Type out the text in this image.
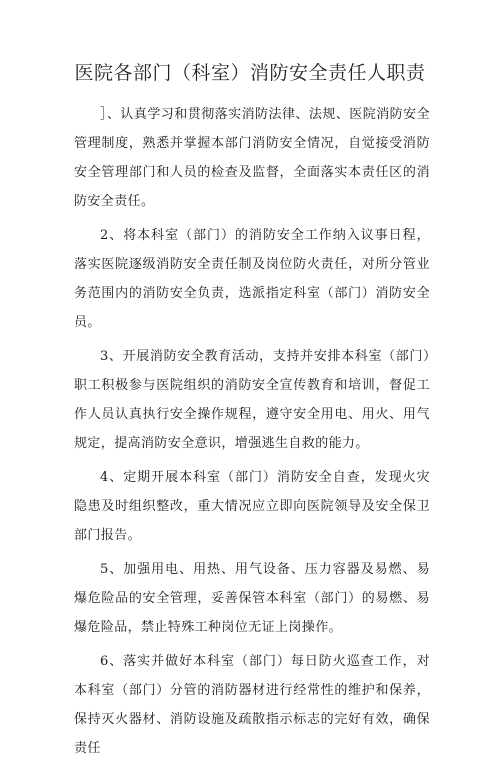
医院各部门（科室）消防安全责任人职责

］、认真学习和贯彻落实消防法律、法规、医院消防安全管理制度，熟悉并掌握本部门消防安全情况，自觉接受消防安全管理部门和人员的检查及监督，全面落实本责任区的消防安全责任。

2、将本科室（部门）的消防安全工作纳入议事日程，落实医院逐级消防安全责任制及岗位防火责任，对所分管业务范围内的消防安全负责，选派指定科室（部门）消防安全员。

3、开展消防安全教育活动，支持并安排本科室（部门）职工积极参与医院组织的消防安全宣传教育和培训，督促工作人员认真执行安全操作规程，遵守安全用电、用火、用气规定，提高消防安全意识，增强逃生自救的能力。

4、定期开展本科室（部门）消防安全自查，发现火灾隐患及时组织整改，重大情况应立即向医院领导及安全保卫部门报告。

5、加强用电、用热、用气设备、压力容器及易燃、易爆危险品的安全管理，妥善保管本科室（部门）的易燃、易爆危险品，禁止特殊工种岗位无证上岗操作。

6、落实并做好本科室（部门）每日防火巡查工作，对本科室（部门）分管的消防器材进行经常性的维护和保养，保持灭火器材、消防设施及疏散指示标志的完好有效，确保责任
